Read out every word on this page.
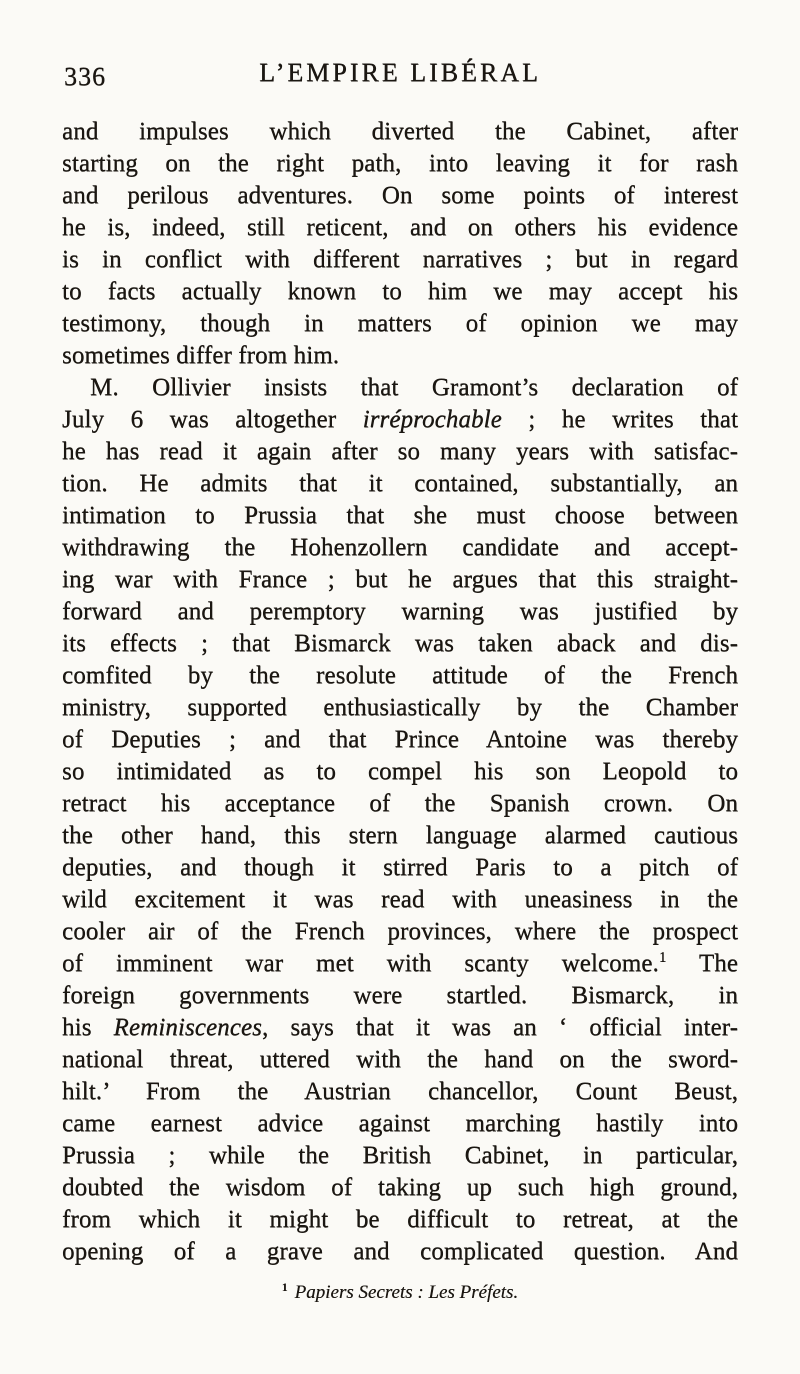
336	L’EMPIRE LIBÉRAL
and impulses which diverted the Cabinet, after
starting on the right path, into leaving it for rash
and perilous adventures. On some points of interest
he is, indeed, still reticent, and on others his evidence
is in conflict with different narratives ; but in regard
to facts actually known to him we may accept his
testimony, though in matters of opinion we may
sometimes differ from him.
M. Ollivier insists that Gramont’s declaration of
July 6 was altogether irréprochable ; he writes that
he has read it again after so many years with satisfac-
tion. He admits that it contained, substantially, an
intimation to Prussia that she must choose between
withdrawing the Hohenzollern candidate and accept-
ing war with France ; but he argues that this straight-
forward and peremptory warning was justified by
its effects ; that Bismarck was taken aback and dis-
comfited by the resolute attitude of the French
ministry, supported enthusiastically by the Chamber
of Deputies ; and that Prince Antoine was thereby
so intimidated as to compel his son Leopold to
retract his acceptance of the Spanish crown. On
the other hand, this stern language alarmed cautious
deputies, and though it stirred Paris to a pitch of
wild excitement it was read with uneasiness in the
cooler air of the French provinces, where the prospect
of imminent war met with scanty welcome.$^1$ The
foreign governments were startled. Bismarck, in
his Reminiscences, says that it was an ‘ official inter-
national threat, uttered with the hand on the sword-
hilt.’ From the Austrian chancellor, Count Beust,
came earnest advice against marching hastily into
Prussia ; while the British Cabinet, in particular,
doubted the wisdom of taking up such high ground,
from which it might be difficult to retreat, at the
opening of a grave and complicated question. And
$^1$ Papiers Secrets : Les Préfets.
